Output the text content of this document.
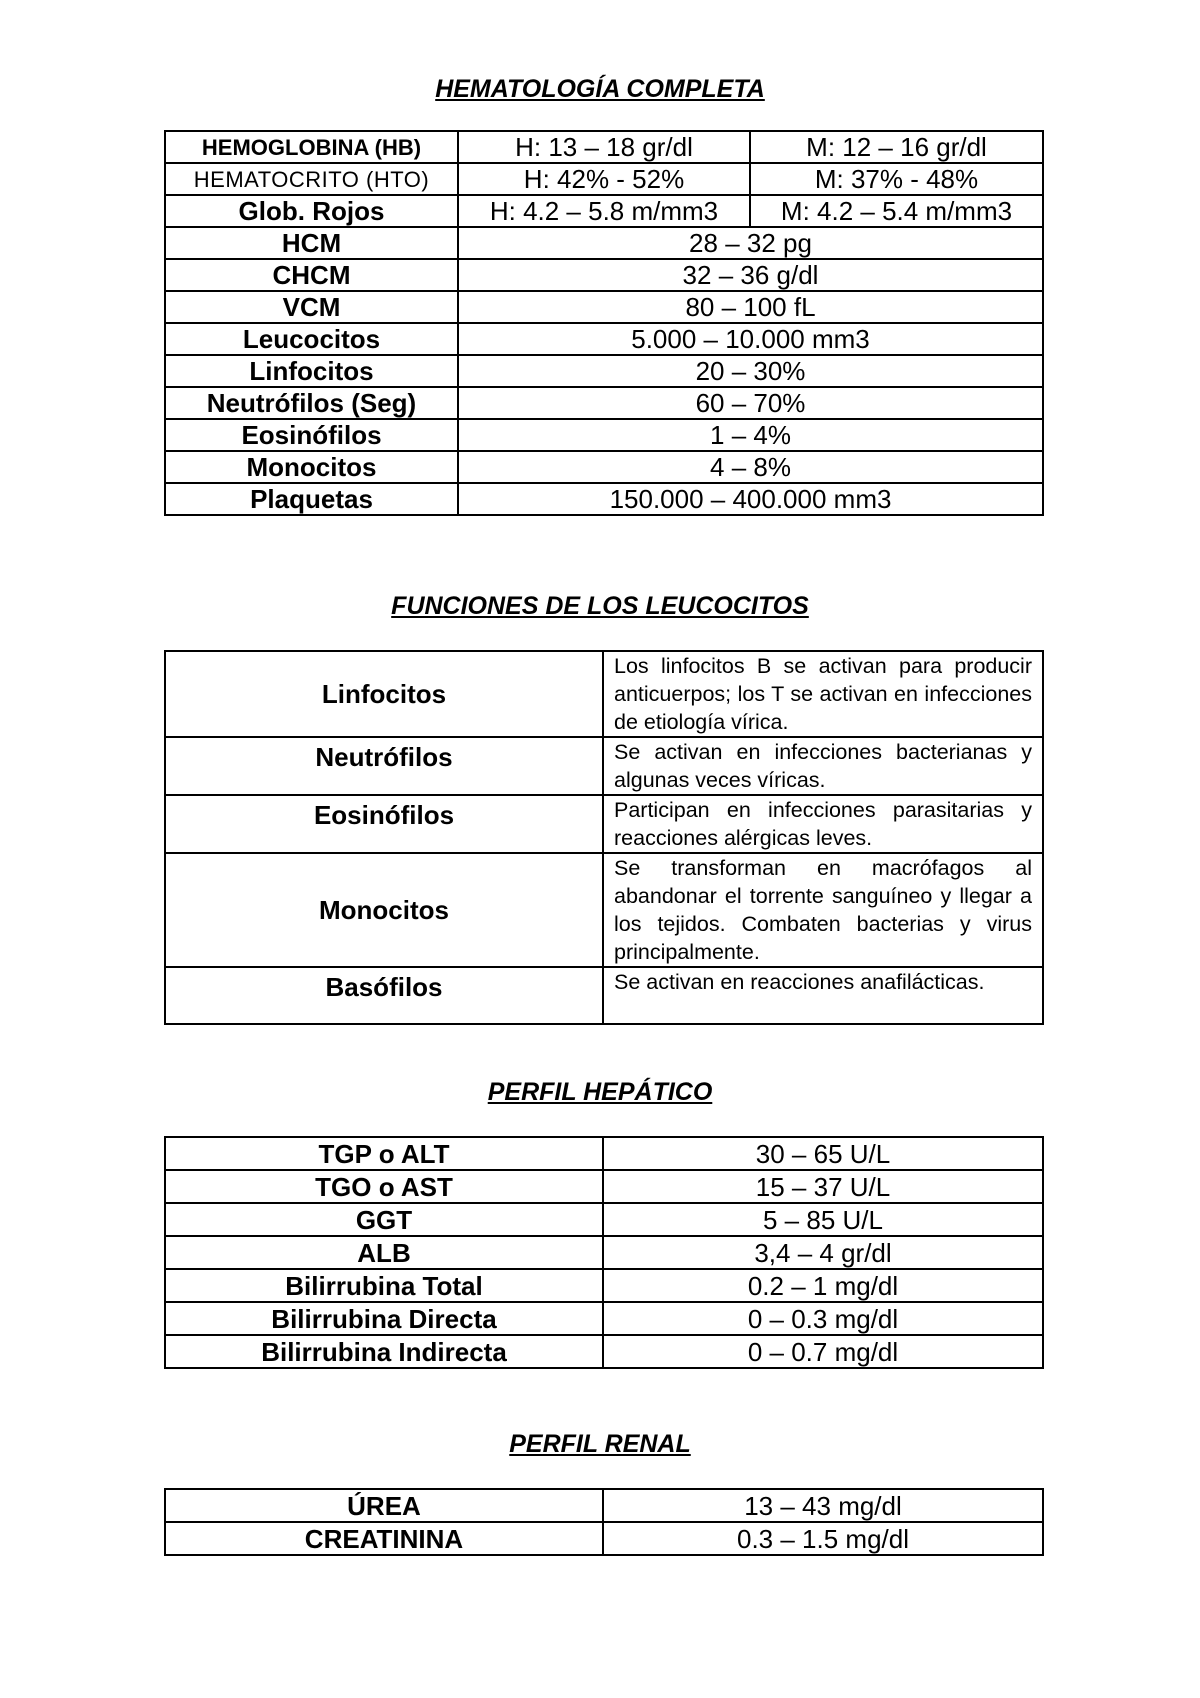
HEMATOLOGÍA COMPLETA
HEMOGLOBINA (HB)	H: 13 – 18 gr/dl	M: 12 – 16 gr/dl
HEMATOCRITO (HTO)	H: 42% - 52%	M: 37% - 48%
Glob. Rojos	H: 4.2 – 5.8 m/mm3	M: 4.2 – 5.4 m/mm3
HCM	28 – 32 pg	
CHCM	32 – 36 g/dl	
VCM	80 – 100 fL	
Leucocitos	5.000 – 10.000 mm3	
Linfocitos	20 – 30%	
Neutrófilos (Seg)	60 – 70%	
Eosinófilos	1 – 4%	
Monocitos	4 – 8%	
Plaquetas	150.000 – 400.000 mm3	
FUNCIONES DE LOS LEUCOCITOS
Linfocitos	Los linfocitos B se activan para producir anticuerpos; los T se activan en infecciones de etiología vírica.
Neutrófilos	Se activan en infecciones bacterianas y algunas veces víricas.
Eosinófilos	Participan en infecciones parasitarias y reacciones alérgicas leves.
Monocitos	Se transforman en macrófagos al abandonar el torrente sanguíneo y llegar a los tejidos. Combaten bacterias y virus principalmente.
Basófilos	Se activan en reacciones anafilácticas.
PERFIL HEPÁTICO
TGP o ALT	30 – 65 U/L
TGO o AST	15 – 37 U/L
GGT	5 – 85 U/L
ALB	3,4 – 4 gr/dl
Bilirrubina Total	0.2 – 1 mg/dl
Bilirrubina Directa	0 – 0.3 mg/dl
Bilirrubina Indirecta	0 – 0.7 mg/dl
PERFIL RENAL
ÚREA	13 – 43 mg/dl
CREATININA	0.3 – 1.5 mg/dl
